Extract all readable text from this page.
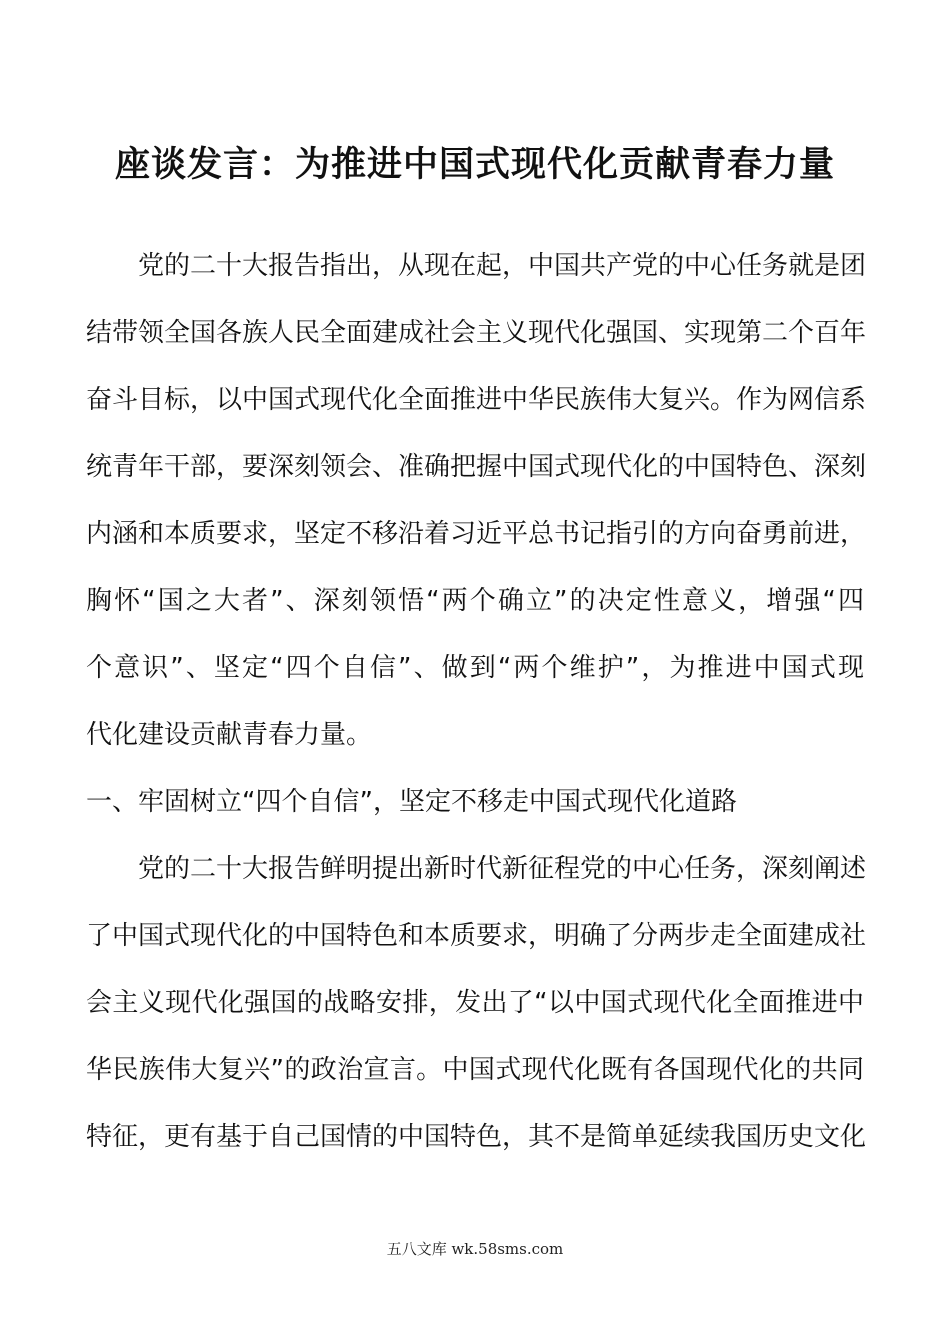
座谈发言：为推进中国式现代化贡献青春力量
　　党的二十大报告指出，从现在起，中国共产党的中心任务就是团
结带领全国各族人民全面建成社会主义现代化强国、实现第二个百年
奋斗目标，以中国式现代化全面推进中华民族伟大复兴。作为网信系
统青年干部，要深刻领会、准确把握中国式现代化的中国特色、深刻
内涵和本质要求，坚定不移沿着习近平总书记指引的方向奋勇前进，
胸怀“国之大者”、深刻领悟“两个确立”的决定性意义，增强“四
个意识”、坚定“四个自信”、做到“两个维护”，为推进中国式现
代化建设贡献青春力量。
一、牢固树立“四个自信”，坚定不移走中国式现代化道路
　　党的二十大报告鲜明提出新时代新征程党的中心任务，深刻阐述
了中国式现代化的中国特色和本质要求，明确了分两步走全面建成社
会主义现代化强国的战略安排，发出了“以中国式现代化全面推进中
华民族伟大复兴”的政治宣言。中国式现代化既有各国现代化的共同
特征，更有基于自己国情的中国特色，其不是简单延续我国历史文化
五八文库 wk.58sms.com
